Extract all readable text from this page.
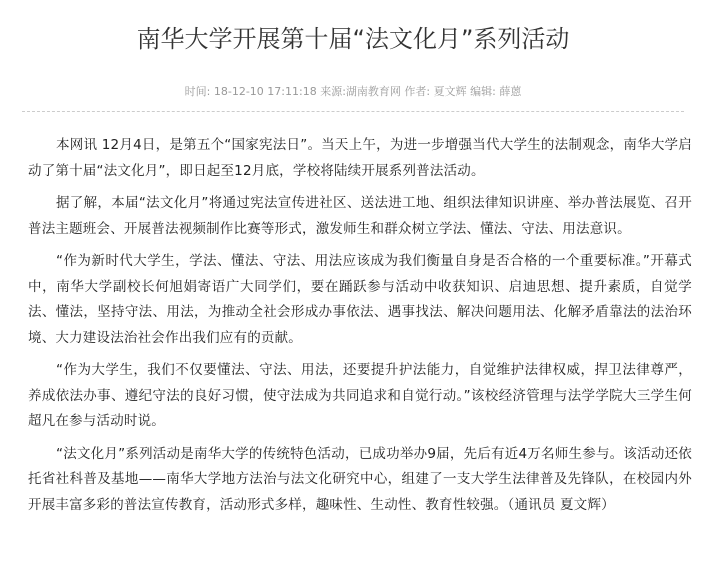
南华大学开展第十届“法文化月”系列活动
时间: 18-12-10 17:11:18 来源:湖南教育网 作者: 夏文辉 编辑: 薛蒽

本网讯 12月4日，是第五个“国家宪法日”。当天上午，为进一步增强当代大学生的法制观念，南华大学启动了第十届“法文化月”，即日起至12月底，学校将陆续开展系列普法活动。

据了解，本届“法文化月”将通过宪法宣传进社区、送法进工地、组织法律知识讲座、举办普法展览、召开普法主题班会、开展普法视频制作比赛等形式，激发师生和群众树立学法、懂法、守法、用法意识。

“作为新时代大学生，学法、懂法、守法、用法应该成为我们衡量自身是否合格的一个重要标准。”开幕式中，南华大学副校长何旭娟寄语广大同学们，要在踊跃参与活动中收获知识、启迪思想、提升素质，自觉学法、懂法，坚持守法、用法，为推动全社会形成办事依法、遇事找法、解决问题用法、化解矛盾靠法的法治环境、大力建设法治社会作出我们应有的贡献。

“作为大学生，我们不仅要懂法、守法、用法，还要提升护法能力，自觉维护法律权威，捍卫法律尊严，养成依法办事、遵纪守法的良好习惯，使守法成为共同追求和自觉行动。”该校经济管理与法学学院大三学生何超凡在参与活动时说。

“法文化月”系列活动是南华大学的传统特色活动，已成功举办9届，先后有近4万名师生参与。该活动还依托省社科普及基地——南华大学地方法治与法文化研究中心，组建了一支大学生法律普及先锋队，在校园内外开展丰富多彩的普法宣传教育，活动形式多样，趣味性、生动性、教育性较强。（通讯员 夏文辉）
